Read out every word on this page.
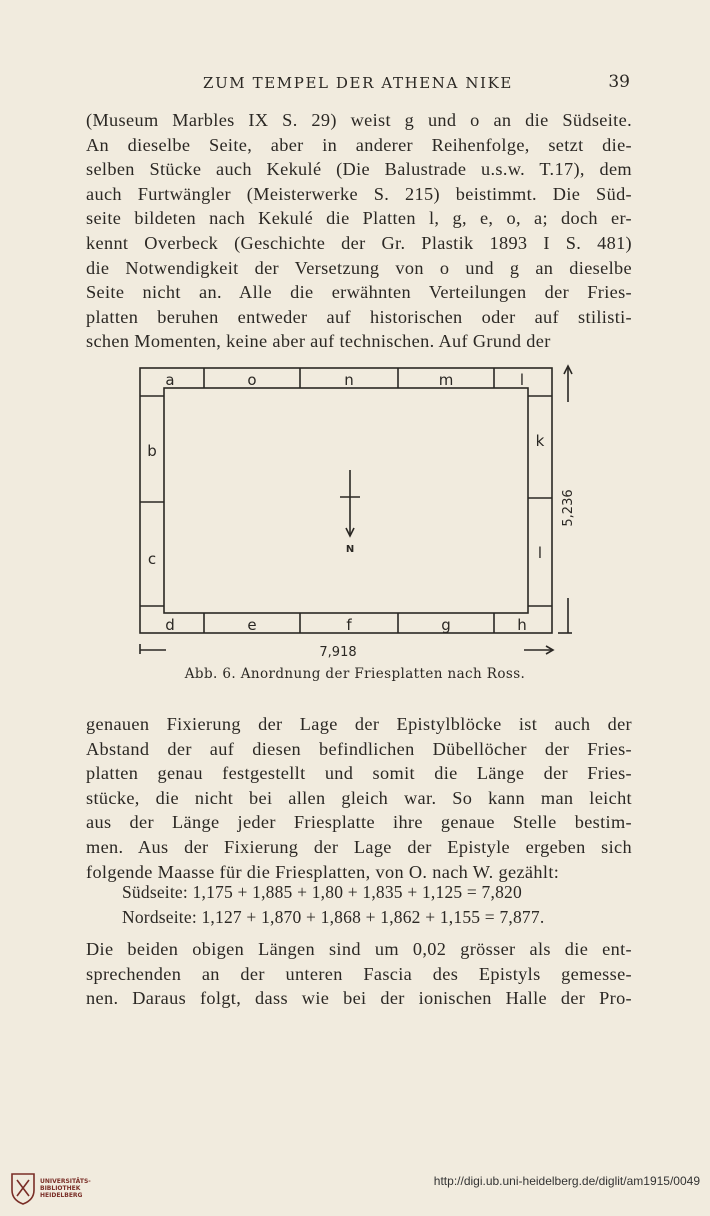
ZUM TEMPEL DER ATHENA NIKE	39
(Museum Marbles IX S. 29) weist g und o an die Südseite.
An dieselbe Seite, aber in anderer Reihenfolge, setzt die-
selben Stücke auch Kekulé (Die Balustrade u.s.w. T.17), dem
auch Furtwängler (Meisterwerke S. 215) beistimmt. Die Süd-
seite bildeten nach Kekulé die Platten l, g, e, o, a; doch er-
kennt Overbeck (Geschichte der Gr. Plastik 1893 I S. 481)
die Notwendigkeit der Versetzung von o und g an dieselbe
Seite nicht an. Alle die erwähnten Verteilungen der Fries-
platten beruhen entweder auf historischen oder auf stilisti-
schen Momenten, keine aber auf technischen. Auf Grund der
a	o	n	m	l
b
c
k
l
d	e	f	g	h
N
7,918
5,236
Abb. 6. Anordnung der Friesplatten nach Ross.
genauen Fixierung der Lage der Epistylblöcke ist auch der
Abstand der auf diesen befindlichen Dübellöcher der Fries-
platten genau festgestellt und somit die Länge der Fries-
stücke, die nicht bei allen gleich war. So kann man leicht
aus der Länge jeder Friesplatte ihre genaue Stelle bestim-
men. Aus der Fixierung der Lage der Epistyle ergeben sich
folgende Maasse für die Friesplatten, von O. nach W. gezählt:
Südseite: 1,175 + 1,885 + 1,80 + 1,835 + 1,125 = 7,820
Nordseite: 1,127 + 1,870 + 1,868 + 1,862 + 1,155 = 7,877.
Die beiden obigen Längen sind um 0,02 grösser als die ent-
sprechenden an der unteren Fascia des Epistyls gemesse-
nen. Daraus folgt, dass wie bei der ionischen Halle der Pro-
UNIVERSITÄTS-
BIBLIOTHEK
HEIDELBERG
http://digi.ub.uni-heidelberg.de/diglit/am1915/0049
